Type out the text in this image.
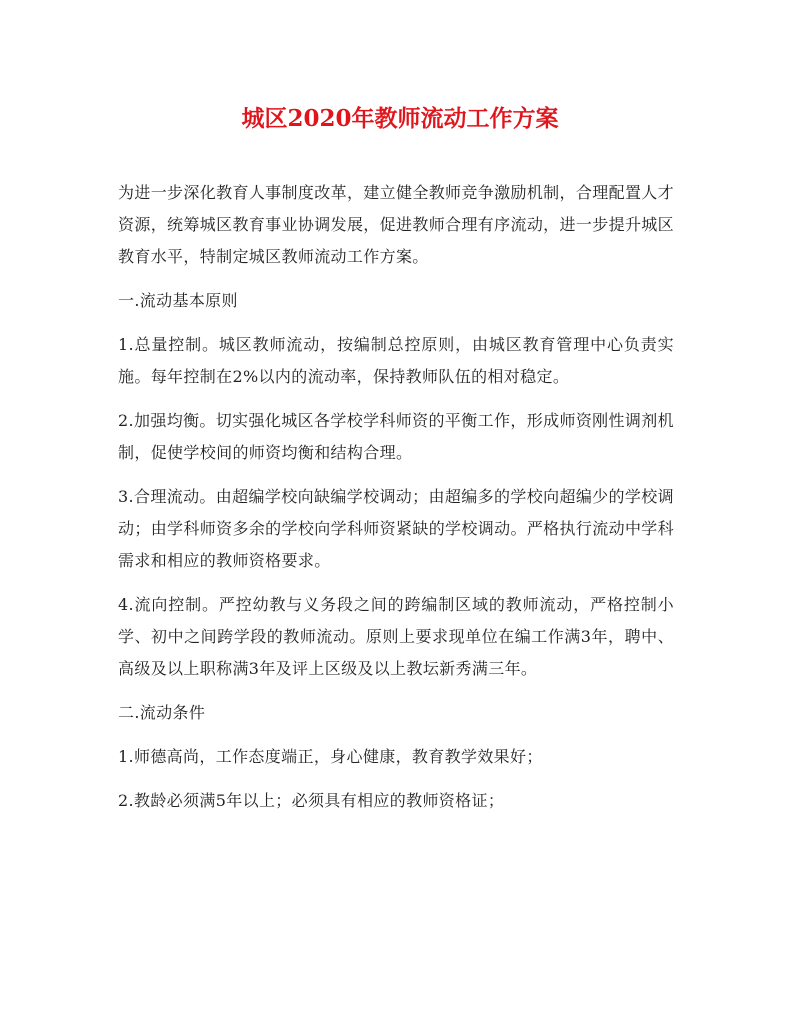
城区2020年教师流动工作方案

为进一步深化教育人事制度改革，建立健全教师竞争激励机制，合理配置人才资源，统筹城区教育事业协调发展，促进教师合理有序流动，进一步提升城区教育水平，特制定城区教师流动工作方案。

一.流动基本原则

1.总量控制。城区教师流动，按编制总控原则，由城区教育管理中心负责实施。每年控制在2%以内的流动率，保持教师队伍的相对稳定。

2.加强均衡。切实强化城区各学校学科师资的平衡工作，形成师资刚性调剂机制，促使学校间的师资均衡和结构合理。

3.合理流动。由超编学校向缺编学校调动；由超编多的学校向超编少的学校调动；由学科师资多余的学校向学科师资紧缺的学校调动。严格执行流动中学科需求和相应的教师资格要求。

4.流向控制。严控幼教与义务段之间的跨编制区域的教师流动，严格控制小学、初中之间跨学段的教师流动。原则上要求现单位在编工作满3年，聘中、高级及以上职称满3年及评上区级及以上教坛新秀满三年。

二.流动条件

1.师德高尚，工作态度端正，身心健康，教育教学效果好；

2.教龄必须满5年以上；必须具有相应的教师资格证；
